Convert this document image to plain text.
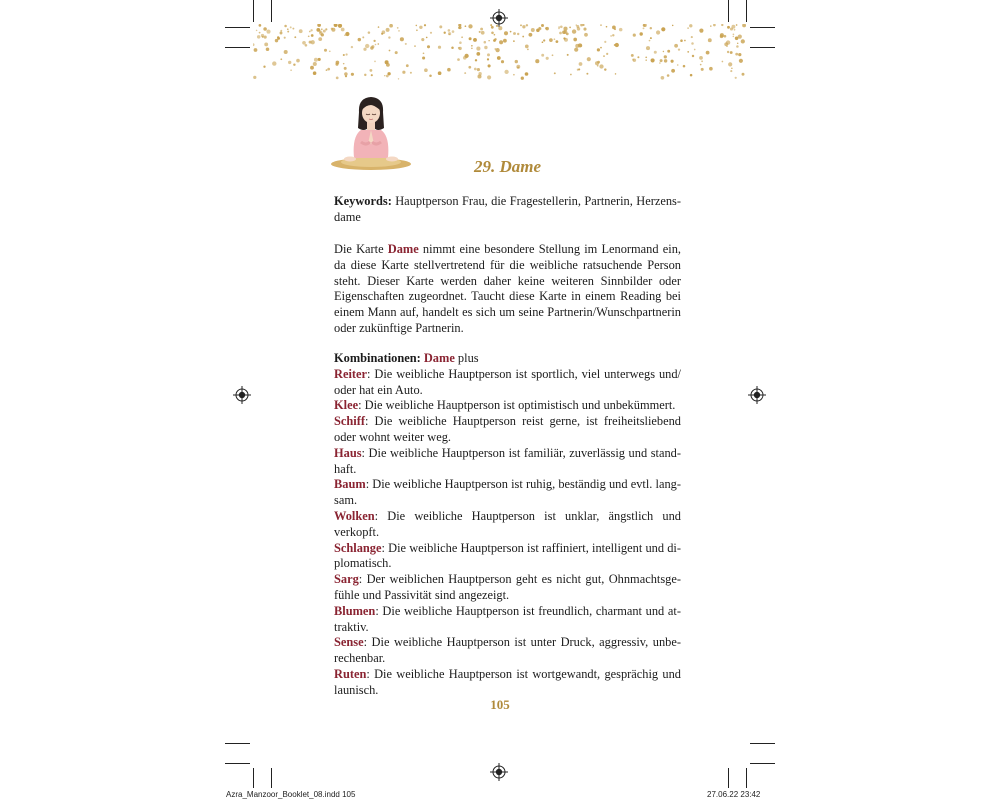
29. Dame
Keywords: Hauptperson Frau, die Fragestellerin, Partnerin, Herzensdame
Die Karte Dame nimmt eine besondere Stellung im Lenormand ein, da diese Karte stellvertretend für die weibliche ratsuchende Person steht. Dieser Karte werden daher keine weiteren Sinnbilder oder Eigenschaften zugeordnet. Taucht diese Karte in einem Reading bei einem Mann auf, handelt es sich um seine Partnerin/Wunschpartnerin oder zukünftige Partnerin.
Kombinationen: Dame plus
Reiter: Die weibliche Hauptperson ist sportlich, viel unterwegs und/ oder hat ein Auto.
Klee: Die weibliche Hauptperson ist optimistisch und unbekümmert.
Schiff: Die weibliche Hauptperson reist gerne, ist freiheitsliebend oder wohnt weiter weg.
Haus: Die weibliche Hauptperson ist familiär, zuverlässig und standhaft.
Baum: Die weibliche Hauptperson ist ruhig, beständig und evtl. langsam.
Wolken: Die weibliche Hauptperson ist unklar, ängstlich und verkopft.
Schlange: Die weibliche Hauptperson ist raffiniert, intelligent und diplomatisch.
Sarg: Der weiblichen Hauptperson geht es nicht gut, Ohnmachtsgefühle und Passivität sind angezeigt.
Blumen: Die weibliche Hauptperson ist freundlich, charmant und attraktiv.
Sense: Die weibliche Hauptperson ist unter Druck, aggressiv, unberechenbar.
Ruten: Die weibliche Hauptperson ist wortgewandt, gesprächig und launisch.
105
Azra_Manzoor_Booklet_08.indd 105	27.06.22 23:42
